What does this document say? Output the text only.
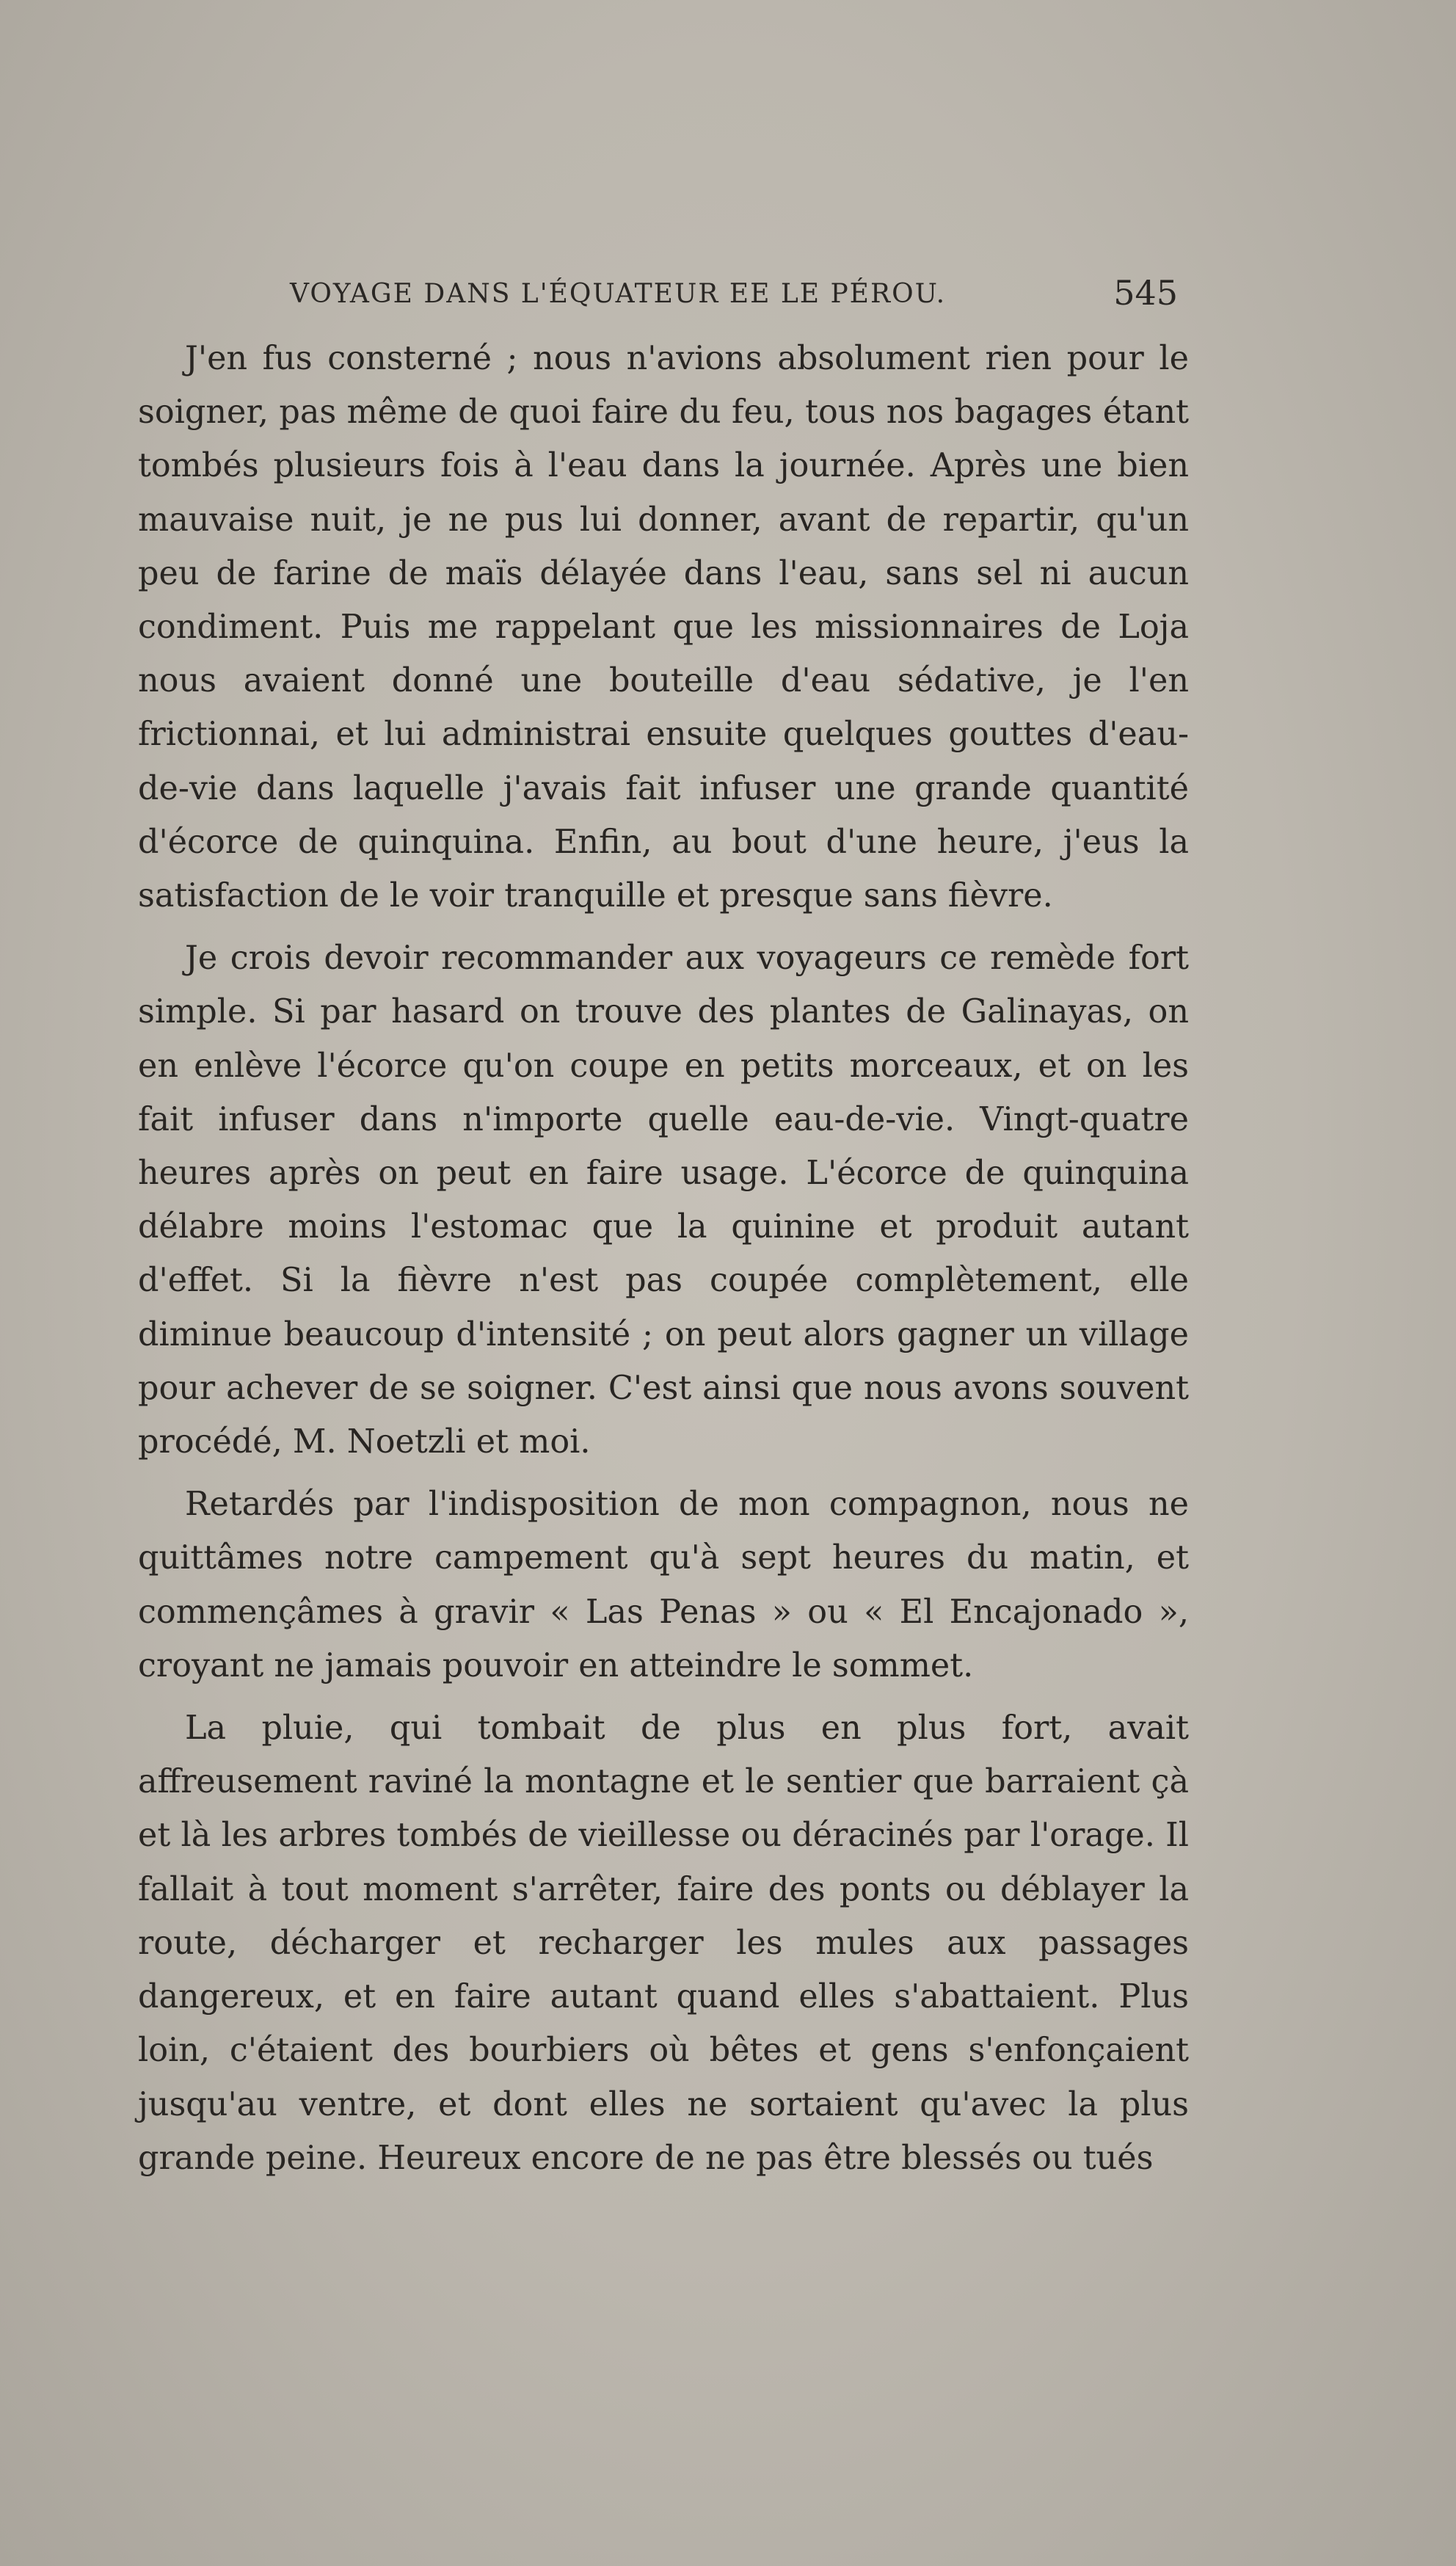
VOYAGE DANS L'ÉQUATEUR EE LE PÉROU.	545

J'en fus consterné ; nous n'avions absolument rien pour le soigner, pas même de quoi faire du feu, tous nos bagages étant tombés plusieurs fois à l'eau dans la journée. Après une bien mauvaise nuit, je ne pus lui donner, avant de repartir, qu'un peu de farine de maïs délayée dans l'eau, sans sel ni aucun condiment. Puis me rappelant que les missionnaires de Loja nous avaient donné une bouteille d'eau sédative, je l'en frictionnai, et lui administrai ensuite quelques gouttes d'eau-de-vie dans laquelle j'avais fait infuser une grande quantité d'écorce de quinquina. Enfin, au bout d'une heure, j'eus la satisfaction de le voir tranquille et presque sans fièvre.

Je crois devoir recommander aux voyageurs ce remède fort simple. Si par hasard on trouve des plantes de Galinayas, on en enlève l'écorce qu'on coupe en petits morceaux, et on les fait infuser dans n'importe quelle eau-de-vie. Vingt-quatre heures après on peut en faire usage. L'écorce de quinquina délabre moins l'estomac que la quinine et produit autant d'effet. Si la fièvre n'est pas coupée complètement, elle diminue beaucoup d'intensité ; on peut alors gagner un village pour achever de se soigner. C'est ainsi que nous avons souvent procédé, M. Noetzli et moi.

Retardés par l'indisposition de mon compagnon, nous ne quittâmes notre campement qu'à sept heures du matin, et commençâmes à gravir « Las Penas » ou « El Encajonado », croyant ne jamais pouvoir en atteindre le sommet.

La pluie, qui tombait de plus en plus fort, avait affreusement raviné la montagne et le sentier que barraient çà et là les arbres tombés de vieillesse ou déracinés par l'orage. Il fallait à tout moment s'arrêter, faire des ponts ou déblayer la route, décharger et recharger les mules aux passages dangereux, et en faire autant quand elles s'abattaient. Plus loin, c'étaient des bourbiers où bêtes et gens s'enfonçaient jusqu'au ventre, et dont elles ne sortaient qu'avec la plus grande peine. Heureux encore de ne pas être blessés ou tués
